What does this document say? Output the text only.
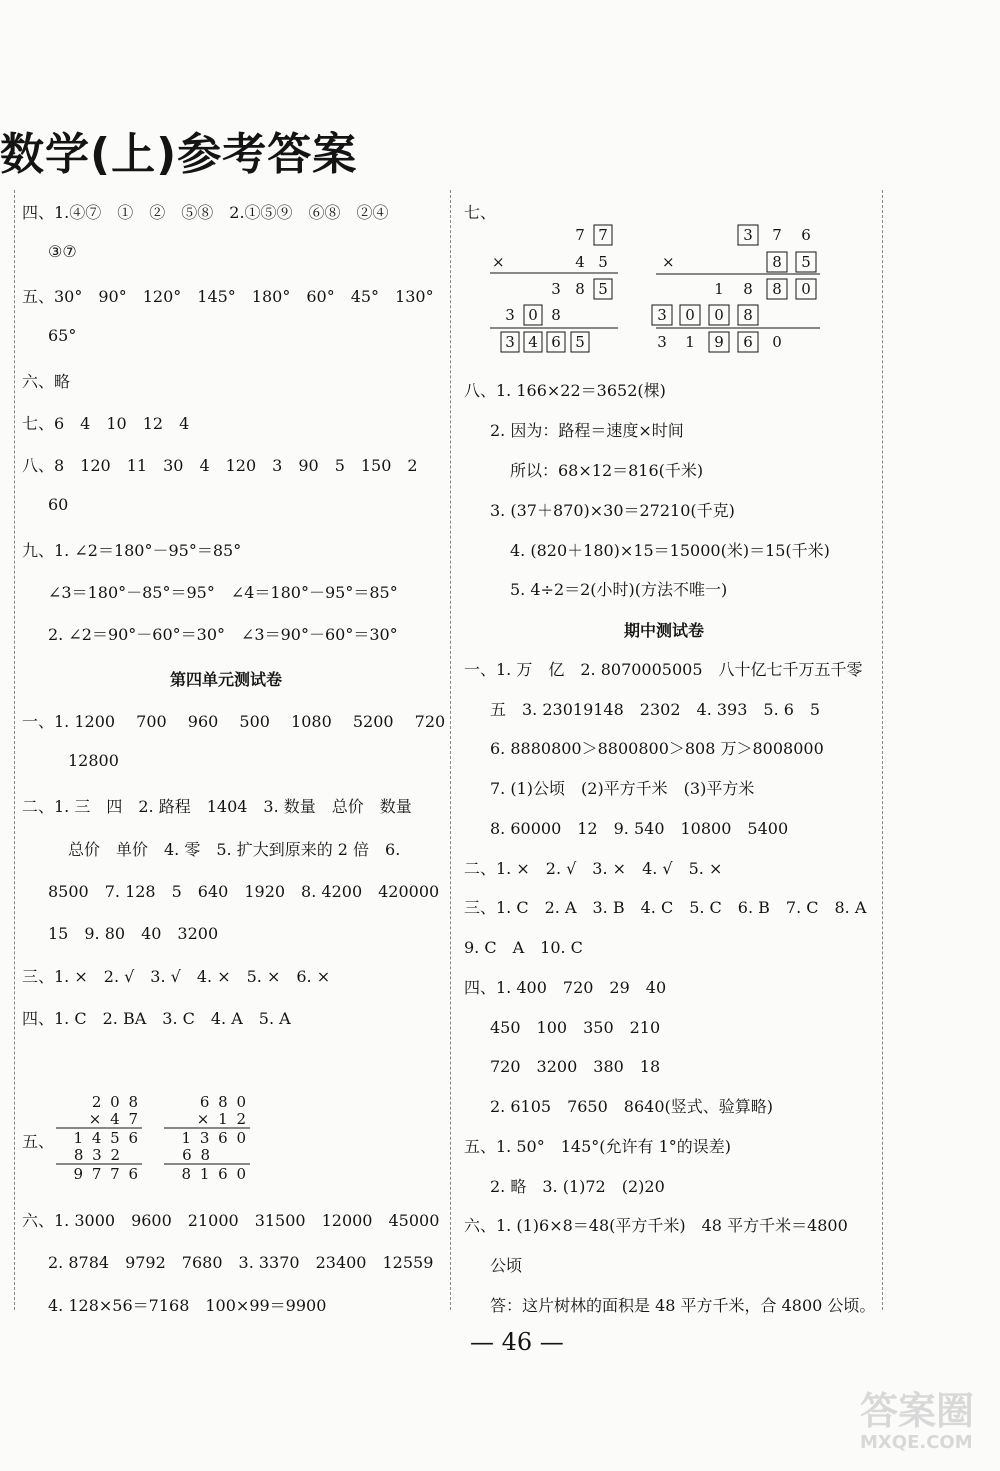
数学(上)参考答案
四、1.④⑦　①　②　⑤⑧　2.①⑤⑨　⑥⑧　②④
③⑦
五、30°　90°　120°　145°　180°　60°　45°　130°
65°
六、略
七、6　4　10　12　4
八、8　120　11　30　4　120　3　90　5　150　2
60
九、1. ∠2＝180°－95°＝85°
∠3＝180°－85°＝95°　∠4＝180°－95°＝85°
2. ∠2＝90°－60°＝30°　∠3＝90°－60°＝30°
第四单元测试卷
一、1. 1200　 700　 960　 500　 1080　 5200　 720
12800
二、1. 三　四　2. 路程　1404　3. 数量　总价　数量
总价　单价　4. 零　5. 扩大到原来的 2 倍　6.
8500　7. 128　5　640　1920　8. 4200　420000
15　9. 80　40　3200
三、1. ×　2. √　3. √　4. ×　5. ×　6. ×
四、1. C　2. BA　3. C　4. A　5. A
五、
2 0 8
× 4 7
1 4 5 6
8 3 2
9 7 7 6
6 8 0
× 1 2
1 3 6 0
6 8
8 1 6 0
六、1. 3000　9600　21000　31500　12000　45000
2. 8784　9792　7680　3. 3370　23400　12559
4. 128×56＝7168　100×99＝9900
七、
7 7
×	4 5
3 8 5
3 0 8
3 4 6 5
3 7 6
×	8 5
1 8 8 0
3 0 0 8
3 1 9 6 0
八、1. 166×22＝3652(棵)
2. 因为：路程＝速度×时间
所以：68×12＝816(千米)
3. (37＋870)×30＝27210(千克)
4. (820＋180)×15＝15000(米)＝15(千米)
5. 4÷2＝2(小时)(方法不唯一)
期中测试卷
一、1. 万　亿　2. 8070005005　八十亿七千万五千零
五　3. 23019148　2302　4. 393　5. 6　5
6. 8880800＞8800800＞808 万＞8008000
7. (1)公顷　(2)平方千米　(3)平方米
8. 60000　12　9. 540　10800　5400
二、1. ×　2. √　3. ×　4. √　5. ×
三、1. C　2. A　3. B　4. C　5. C　6. B　7. C　8. A
9. C　A　10. C
四、1. 400　720　29　40
450　100　350　210
720　3200　380　18
2. 6105　7650　8640(竖式、验算略)
五、1. 50°　145°(允许有 1°的误差)
2. 略　3. (1)72　(2)20
六、1. (1)6×8＝48(平方千米)　48 平方千米＝4800
公顷
答：这片树林的面积是 48 平方千米，合 4800 公顷。
— 46 —
答案圈
MXQE.COM
